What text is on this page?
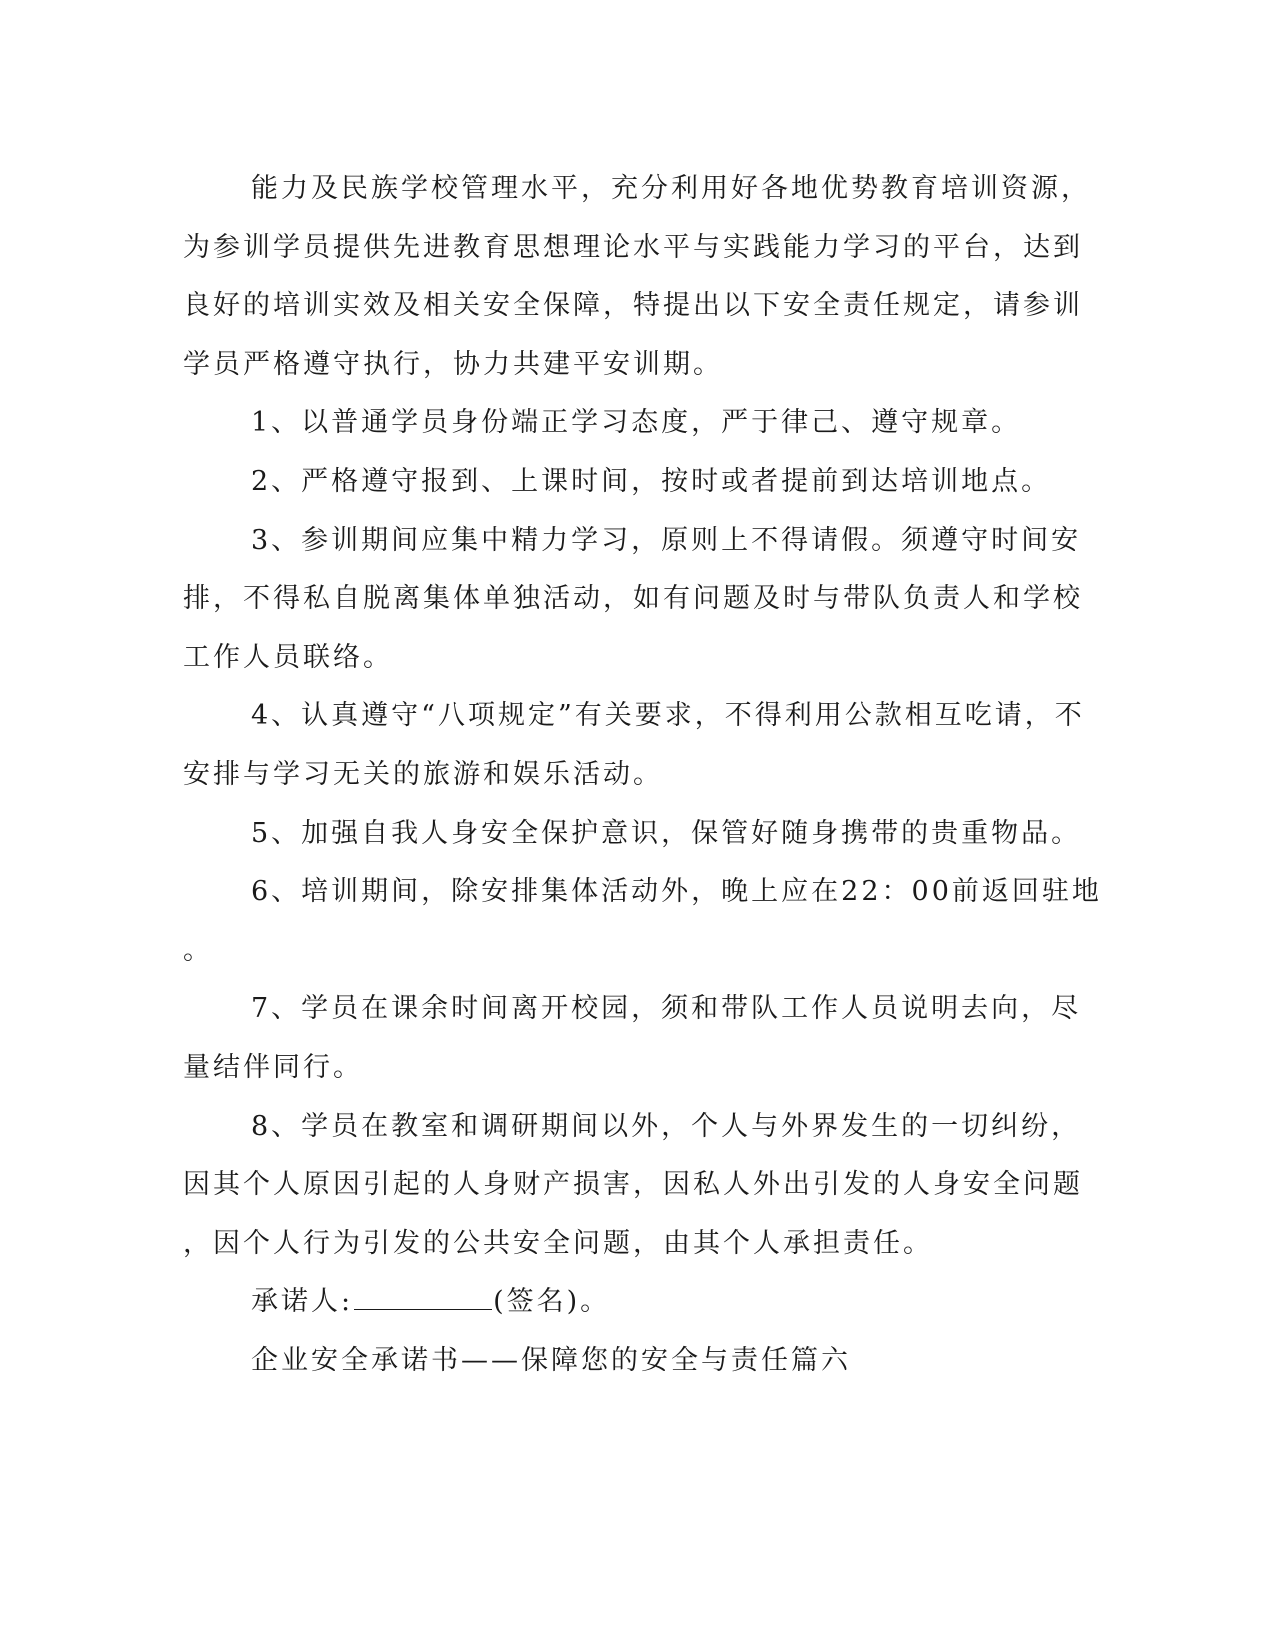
能力及民族学校管理水平，充分利用好各地优势教育培训资源，

为参训学员提供先进教育思想理论水平与实践能力学习的平台，达到

良好的培训实效及相关安全保障，特提出以下安全责任规定，请参训

学员严格遵守执行，协力共建平安训期。

1、以普通学员身份端正学习态度，严于律己、遵守规章。

2、严格遵守报到、上课时间，按时或者提前到达培训地点。

3、参训期间应集中精力学习，原则上不得请假。须遵守时间安

排，不得私自脱离集体单独活动，如有问题及时与带队负责人和学校

工作人员联络。

4、认真遵守“八项规定”有关要求，不得利用公款相互吃请，不

安排与学习无关的旅游和娱乐活动。

5、加强自我人身安全保护意识，保管好随身携带的贵重物品。

6、培训期间，除安排集体活动外，晚上应在22：00前返回驻地

。

7、学员在课余时间离开校园，须和带队工作人员说明去向，尽

量结伴同行。

8、学员在教室和调研期间以外，个人与外界发生的一切纠纷，

因其个人原因引起的人身财产损害，因私人外出引发的人身安全问题

，因个人行为引发的公共安全问题，由其个人承担责任。

承诺人:	(签名)。

企业安全承诺书——保障您的安全与责任篇六
